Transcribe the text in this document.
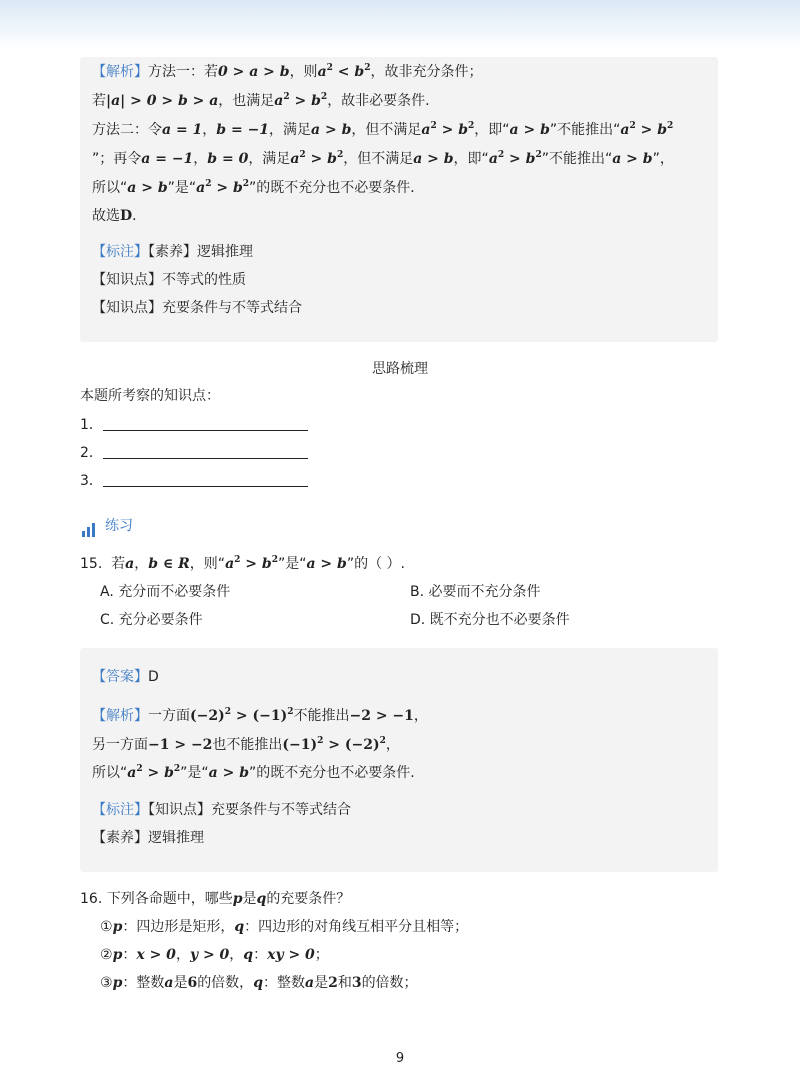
【解析】方法一：若0 > a > b，则$a^2 < b^2$，故非充分条件；
若|a| > 0 > b > a，也满足$a^2 > b^2$，故非必要条件.
方法二：令a = 1，b = −1，满足a > b，但不满足$a^2 > b^2$，即“a > b”不能推出“$a^2 > b^2$
”；再令a = −1，b = 0，满足$a^2 > b^2$，但不满足a > b，即“$a^2 > b^2$”不能推出“a > b”，
所以“a > b”是“$a^2 > b^2$”的既不充分也不必要条件．
故选D．
【标注】【素养】逻辑推理
【知识点】不等式的性质
【知识点】充要条件与不等式结合
思路梳理
本题所考察的知识点：
1．
2．
3．
练习
15. 若a，b ∈ R，则“$a^2 > b^2$”是“a > b”的（ ）.
A. 充分而不必要条件	B. 必要而不充分条件
C. 充分必要条件	D. 既不充分也不必要条件
【答案】D
【解析】一方面$(-2)^2 > (-1)^2$不能推出−2 > −1，
另一方面−1 > −2也不能推出$(-1)^2 > (-2)^2$，
所以“$a^2 > b^2$”是“a > b”的既不充分也不必要条件.
【标注】【知识点】充要条件与不等式结合
【素养】逻辑推理
16. 下列各命题中，哪些p是q的充要条件？
①p：四边形是矩形，q：四边形的对角线互相平分且相等；
②p：x > 0，y > 0，q：xy > 0；
③p：整数a是6的倍数，q：整数a是2和3的倍数；
9
